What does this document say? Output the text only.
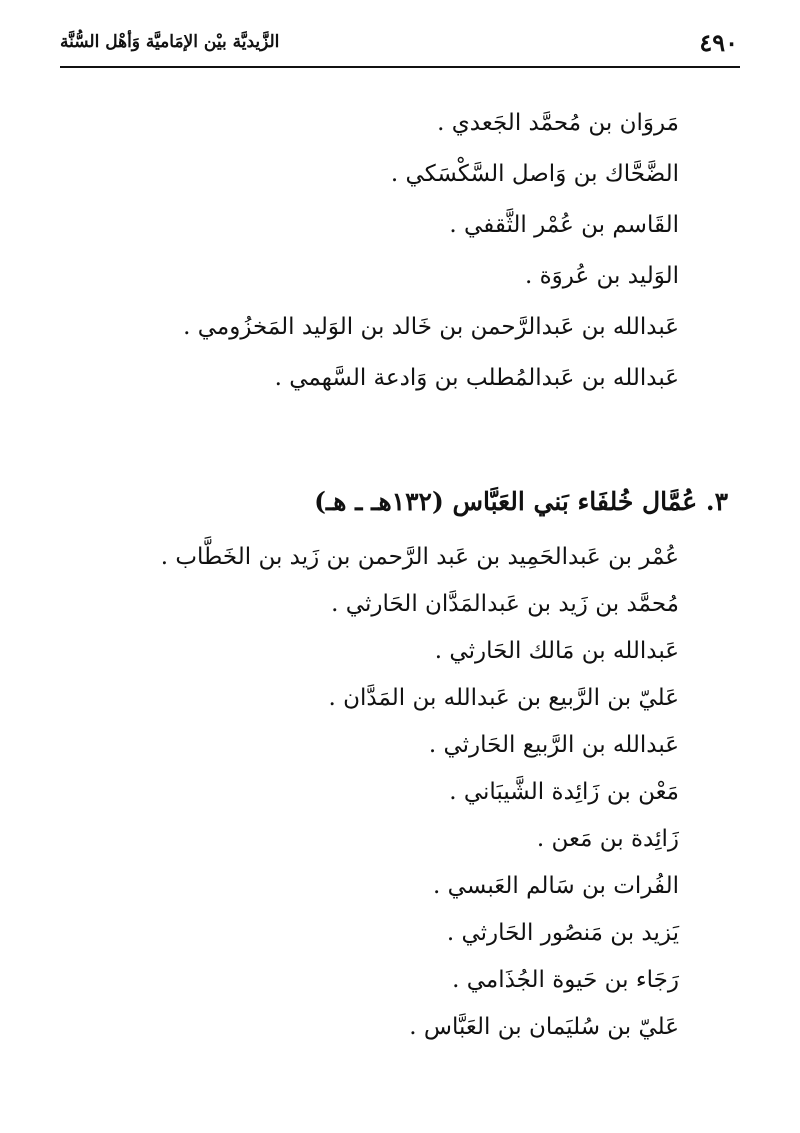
٤٩٠
الزَّيديَّة بيْن الإمَاميَّة وَأهْل السُّنَّة
مَروَان بن مُحمَّد الجَعدي .
الضَّحَّاك بن وَاصل السَّكْسَكي .
القَاسم بن عُمْر الثَّقفي .
الوَليد بن عُروَة .
عَبدالله بن عَبدالرَّحمن بن خَالد بن الوَليد المَخزُومي .
عَبدالله بن عَبدالمُطلب بن وَادعة السَّهمي .
٣. عُمَّال خُلفَاء بَني العَبَّاس (١٣٢هـ ـ هـ)
عُمْر بن عَبدالحَمِيد بن عَبد الرَّحمن بن زَيد بن الخَطَّاب .
مُحمَّد بن زَيد بن عَبدالمَدَّان الحَارثي .
عَبدالله بن مَالك الحَارثي .
عَليّ بن الرَّبيع بن عَبدالله بن المَدَّان .
عَبدالله بن الرَّبيع الحَارثي .
مَعْن بن زَائِدة الشَّيبَاني .
زَائِدة بن مَعن .
الفُرات بن سَالم العَبسي .
يَزيد بن مَنصُور الحَارثي .
رَجَاء بن حَيوة الجُذَامي .
عَليّ بن سُليَمان بن العَبَّاس .
